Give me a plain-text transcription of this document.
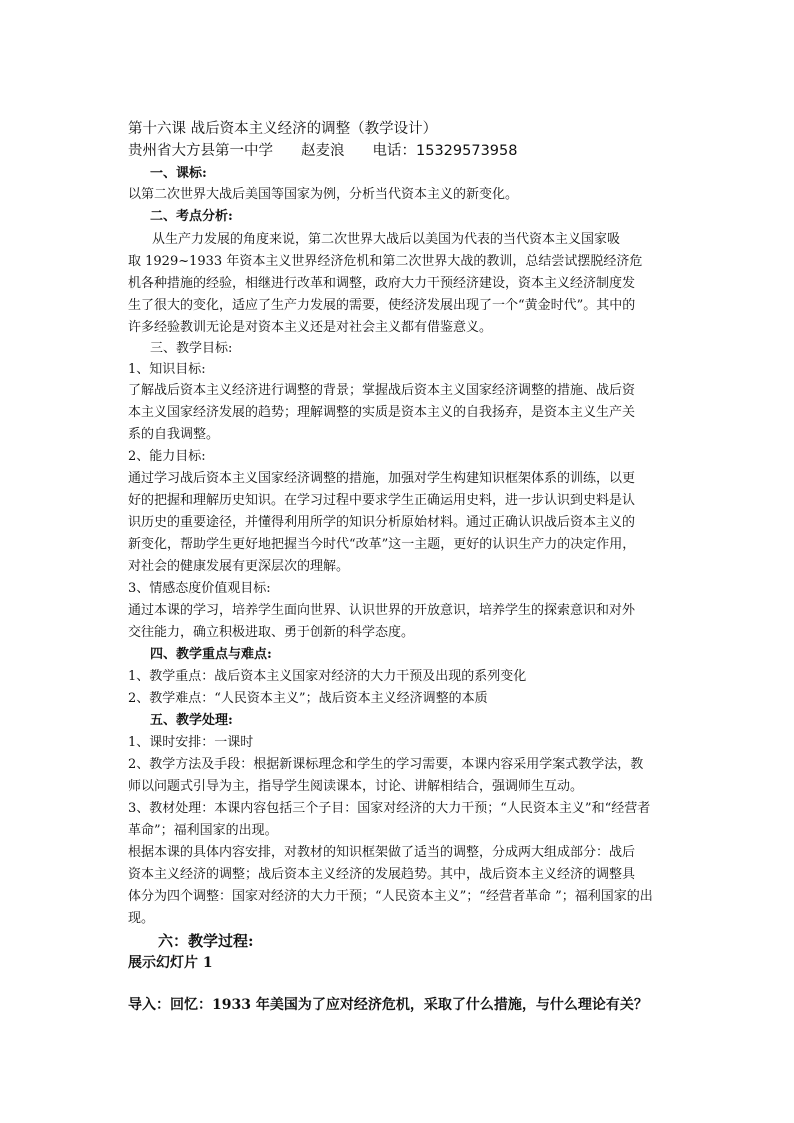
第十六课 战后资本主义经济的调整（教学设计）
贵州省大方县第一中学 赵麦浪 电话：15329573958
一、课标:
以第二次世界大战后美国等国家为例，分析当代资本主义的新变化。
二、考点分析:
从生产力发展的角度来说，第二次世界大战后以美国为代表的当代资本主义国家吸
取 1929~1933 年资本主义世界经济危机和第二次世界大战的教训，总结尝试摆脱经济危
机各种措施的经验，相继进行改革和调整，政府大力干预经济建设，资本主义经济制度发
生了很大的变化，适应了生产力发展的需要，使经济发展出现了一个“黄金时代”。其中的
许多经验教训无论是对资本主义还是对社会主义都有借鉴意义。
三、教学目标:
1、知识目标:
了解战后资本主义经济进行调整的背景；掌握战后资本主义国家经济调整的措施、战后资
本主义国家经济发展的趋势；理解调整的实质是资本主义的自我扬弃，是资本主义生产关
系的自我调整。
2、能力目标:
通过学习战后资本主义国家经济调整的措施，加强对学生构建知识框架体系的训练，以更
好的把握和理解历史知识。在学习过程中要求学生正确运用史料，进一步认识到史料是认
识历史的重要途径，并懂得利用所学的知识分析原始材料。通过正确认识战后资本主义的
新变化，帮助学生更好地把握当今时代“改革”这一主题，更好的认识生产力的决定作用，
对社会的健康发展有更深层次的理解。
3、情感态度价值观目标:
通过本课的学习，培养学生面向世界、认识世界的开放意识，培养学生的探索意识和对外
交往能力，确立积极进取、勇于创新的科学态度。
四、教学重点与难点:
1、教学重点：战后资本主义国家对经济的大力干预及出现的系列变化
2、教学难点：“人民资本主义”；战后资本主义经济调整的本质
五、教学处理:
1、课时安排：一课时
2、教学方法及手段：根据新课标理念和学生的学习需要，本课内容采用学案式教学法，教
师以问题式引导为主，指导学生阅读课本，讨论、讲解相结合，强调师生互动。
3、教材处理：本课内容包括三个子目：国家对经济的大力干预；“人民资本主义”和“经营者
革命”；福利国家的出现。
根据本课的具体内容安排，对教材的知识框架做了适当的调整，分成两大组成部分：战后
资本主义经济的调整；战后资本主义经济的发展趋势。其中，战后资本主义经济的调整具
体分为四个调整：国家对经济的大力干预；“人民资本主义”；“经营者革命 ”；福利国家的出
现。
六：教学过程:
展示幻灯片 1
导入：回忆：1933 年美国为了应对经济危机，采取了什么措施，与什么理论有关？
